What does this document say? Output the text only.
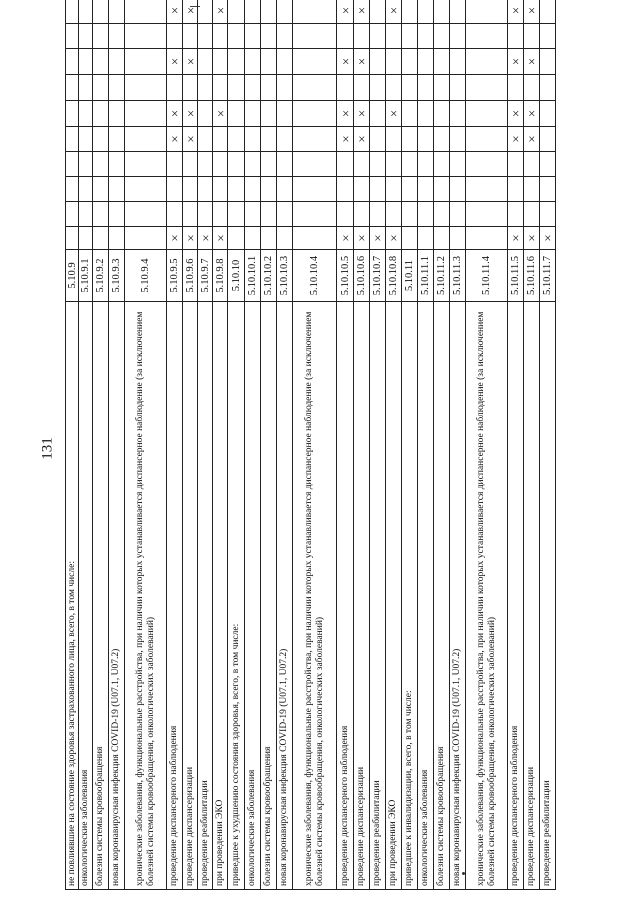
131
не повлиявшие на состояние здоровья застрахованного лица, всего, в том числе:	5.10.9										
онкологические заболевания	5.10.9.1										
болезни системы кровообращения	5.10.9.2										
новая коронавирусная инфекция COVID-19 (U07.1, U07.2)	5.10.9.3										
хронические заболевания, функциональные расстройства, при наличии которых устанавливается диспансерное наблюдение (за исключением болезней системы кровообращения, онкологических заболеваний)	5.10.9.4										
проведение диспансерного наблюдения	5.10.9.5	×				×	×		×		×
проведение диспансеризации	5.10.9.6	×				×	×		×		×
проведение реабилитации	5.10.9.7	×									
при проведении ЭКО	5.10.9.8	×					×				×
приведшее к ухудшению состояния здоровья, всего, в том числе:	5.10.10										
онкологические заболевания	5.10.10.1										
болезни системы кровообращения	5.10.10.2										
новая коронавирусная инфекция COVID-19 (U07.1, U07.2)	5.10.10.3										
хронические заболевания, функциональные расстройства, при наличии которых устанавливается диспансерное наблюдение (за исключением болезней системы кровообращения, онкологических заболеваний)	5.10.10.4										
проведение диспансерного наблюдения	5.10.10.5	×				×	×		×		×
проведение диспансеризации	5.10.10.6	×				×	×		×		×
проведение реабилитации	5.10.10.7	×									
при проведении ЭКО	5.10.10.8	×					×				×
приведшее к инвалидизации, всего, в том числе:	5.10.11										
онкологические заболевания	5.10.11.1										
болезни системы кровообращения	5.10.11.2										
новая коронавирусная инфекция COVID-19 (U07.1, U07.2)	5.10.11.3										
хронические заболевания, функциональные расстройства, при наличии которых устанавливается диспансерное наблюдение (за исключением болезней системы кровообращения, онкологических заболеваний)	5.10.11.4										
проведение диспансерного наблюдения	5.10.11.5	×				×	×		×		×
проведение диспансеризации	5.10.11.6	×				×	×		×		×
проведение реабилитации	5.10.11.7	×									
